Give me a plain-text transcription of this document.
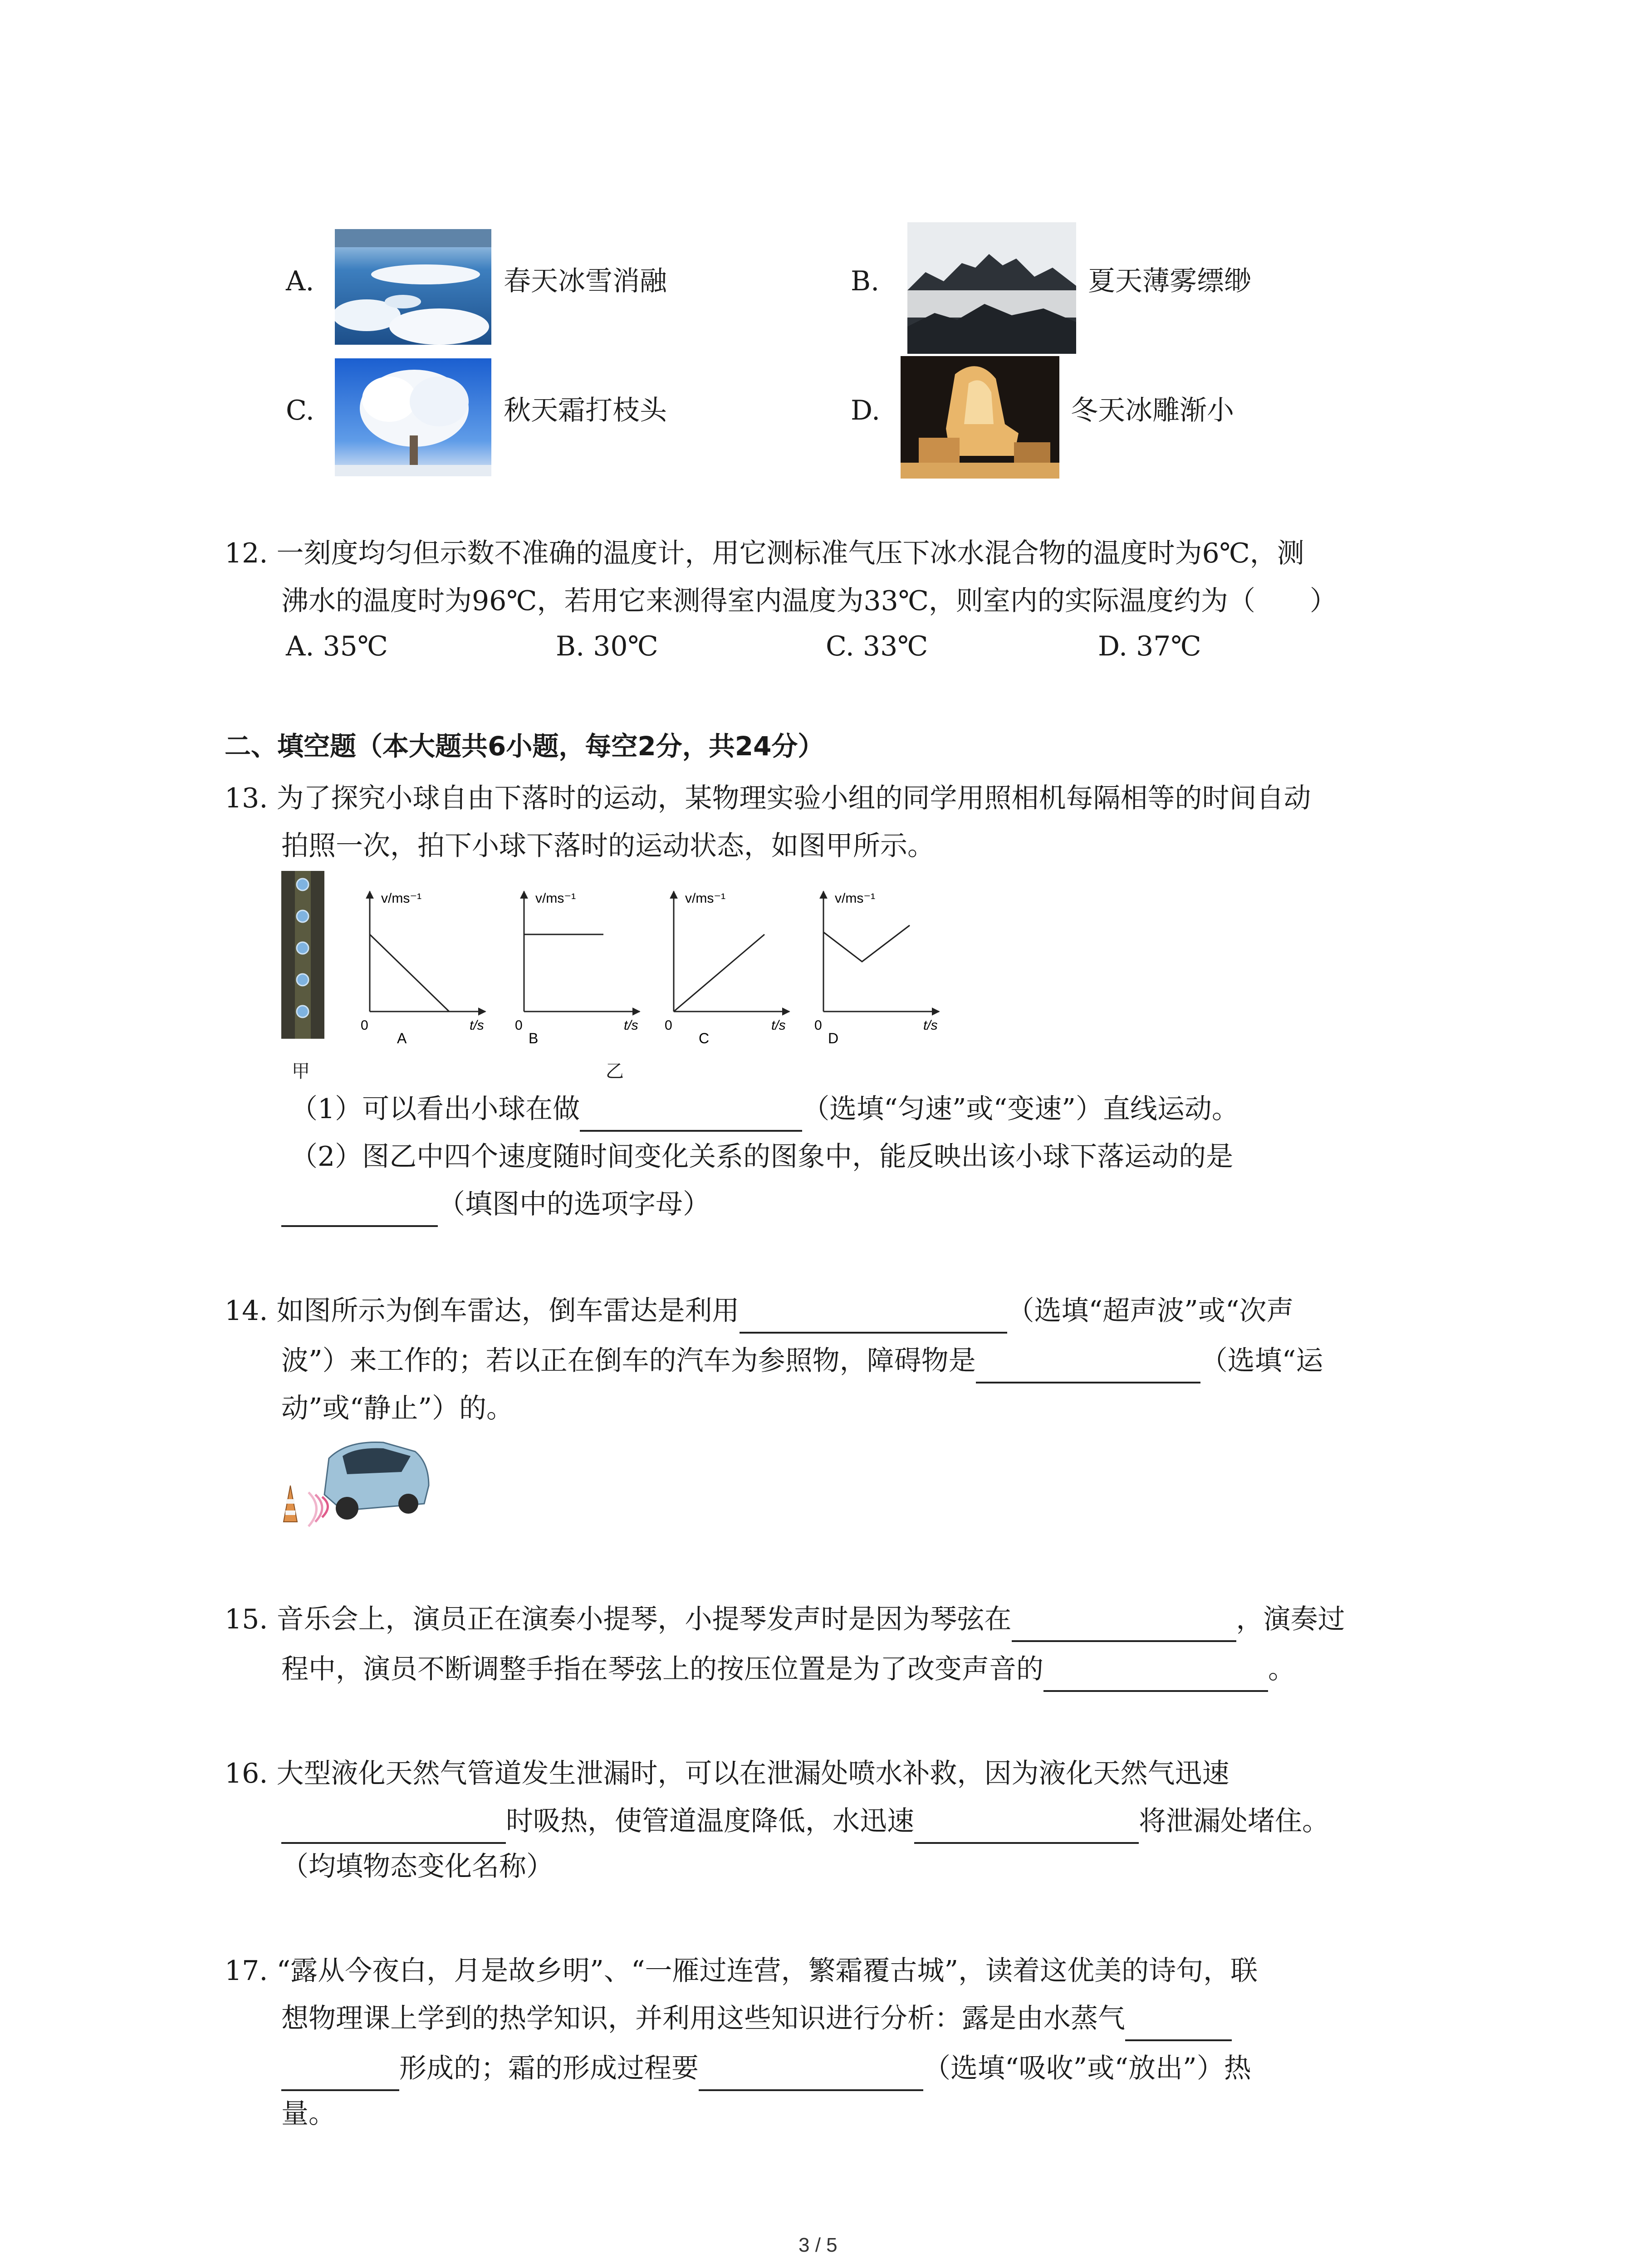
A.	春天冰雪消融	B.	夏天薄雾缥缈
C.	秋天霜打枝头	D.	冬天冰雕渐小
12. 一刻度均匀但示数不准确的温度计，用它测标准气压下冰水混合物的温度时为6℃，测
沸水的温度时为96℃，若用它来测得室内温度为33℃，则室内的实际温度约为（　　）
A. 35℃	B. 30℃	C. 33℃	D. 37℃
二、填空题（本大题共6小题，每空2分，共24分）
13. 为了探究小球自由下落时的运动，某物理实验小组的同学用照相机每隔相等的时间自动
拍照一次，拍下小球下落时的运动状态，如图甲所示。
甲
v/ms⁻¹
0	t/s
A
v/ms⁻¹
0	t/s
B
v/ms⁻¹
0	t/s
C
v/ms⁻¹
0	t/s
D
乙
（1）可以看出小球在做	（选填“匀速”或“变速”）直线运动。
（2）图乙中四个速度随时间变化关系的图象中，能反映出该小球下落运动的是
（填图中的选项字母）
14. 如图所示为倒车雷达，倒车雷达是利用	（选填“超声波”或“次声
波”）来工作的；若以正在倒车的汽车为参照物，障碍物是	（选填“运
动”或“静止”）的。
15. 音乐会上，演员正在演奏小提琴，小提琴发声时是因为琴弦在	，演奏过
程中，演员不断调整手指在琴弦上的按压位置是为了改变声音的	。
16. 大型液化天然气管道发生泄漏时，可以在泄漏处喷水补救，因为液化天然气迅速
时吸热，使管道温度降低，水迅速	将泄漏处堵住。
（均填物态变化名称）
17. “露从今夜白，月是故乡明”、“一雁过连营，繁霜覆古城”，读着这优美的诗句，联
想物理课上学到的热学知识，并利用这些知识进行分析：露是由水蒸气
形成的；霜的形成过程要	（选填“吸收”或“放出”）热
量。
3 / 5
